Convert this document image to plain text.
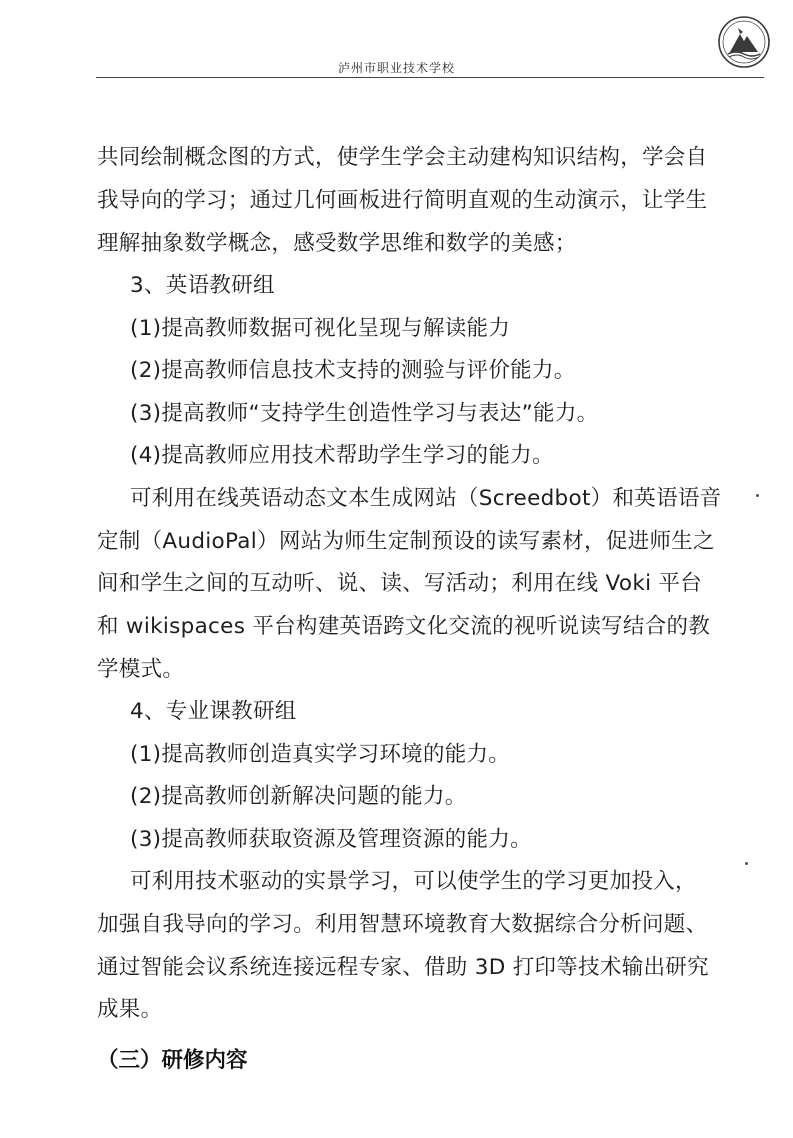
泸州市职业技术学校
共同绘制概念图的方式，使学生学会主动建构知识结构，学会自
我导向的学习；通过几何画板进行简明直观的生动演示，让学生
理解抽象数学概念，感受数学思维和数学的美感；
3、英语教研组
(1)提高教师数据可视化呈现与解读能力
(2)提高教师信息技术支持的测验与评价能力。
(3)提高教师“支持学生创造性学习与表达”能力。
(4)提高教师应用技术帮助学生学习的能力。
可利用在线英语动态文本生成网站（Screedbot）和英语语音
定制（AudioPal）网站为师生定制预设的读写素材，促进师生之
间和学生之间的互动听、说、读、写活动；利用在线 Voki 平台
和 wikispaces 平台构建英语跨文化交流的视听说读写结合的教
学模式。
4、专业课教研组
(1)提高教师创造真实学习环境的能力。
(2)提高教师创新解决问题的能力。
(3)提高教师获取资源及管理资源的能力。
可利用技术驱动的实景学习，可以使学生的学习更加投入，
加强自我导向的学习。利用智慧环境教育大数据综合分析问题、
通过智能会议系统连接远程专家、借助 3D 打印等技术输出研究
成果。
（三）研修内容
